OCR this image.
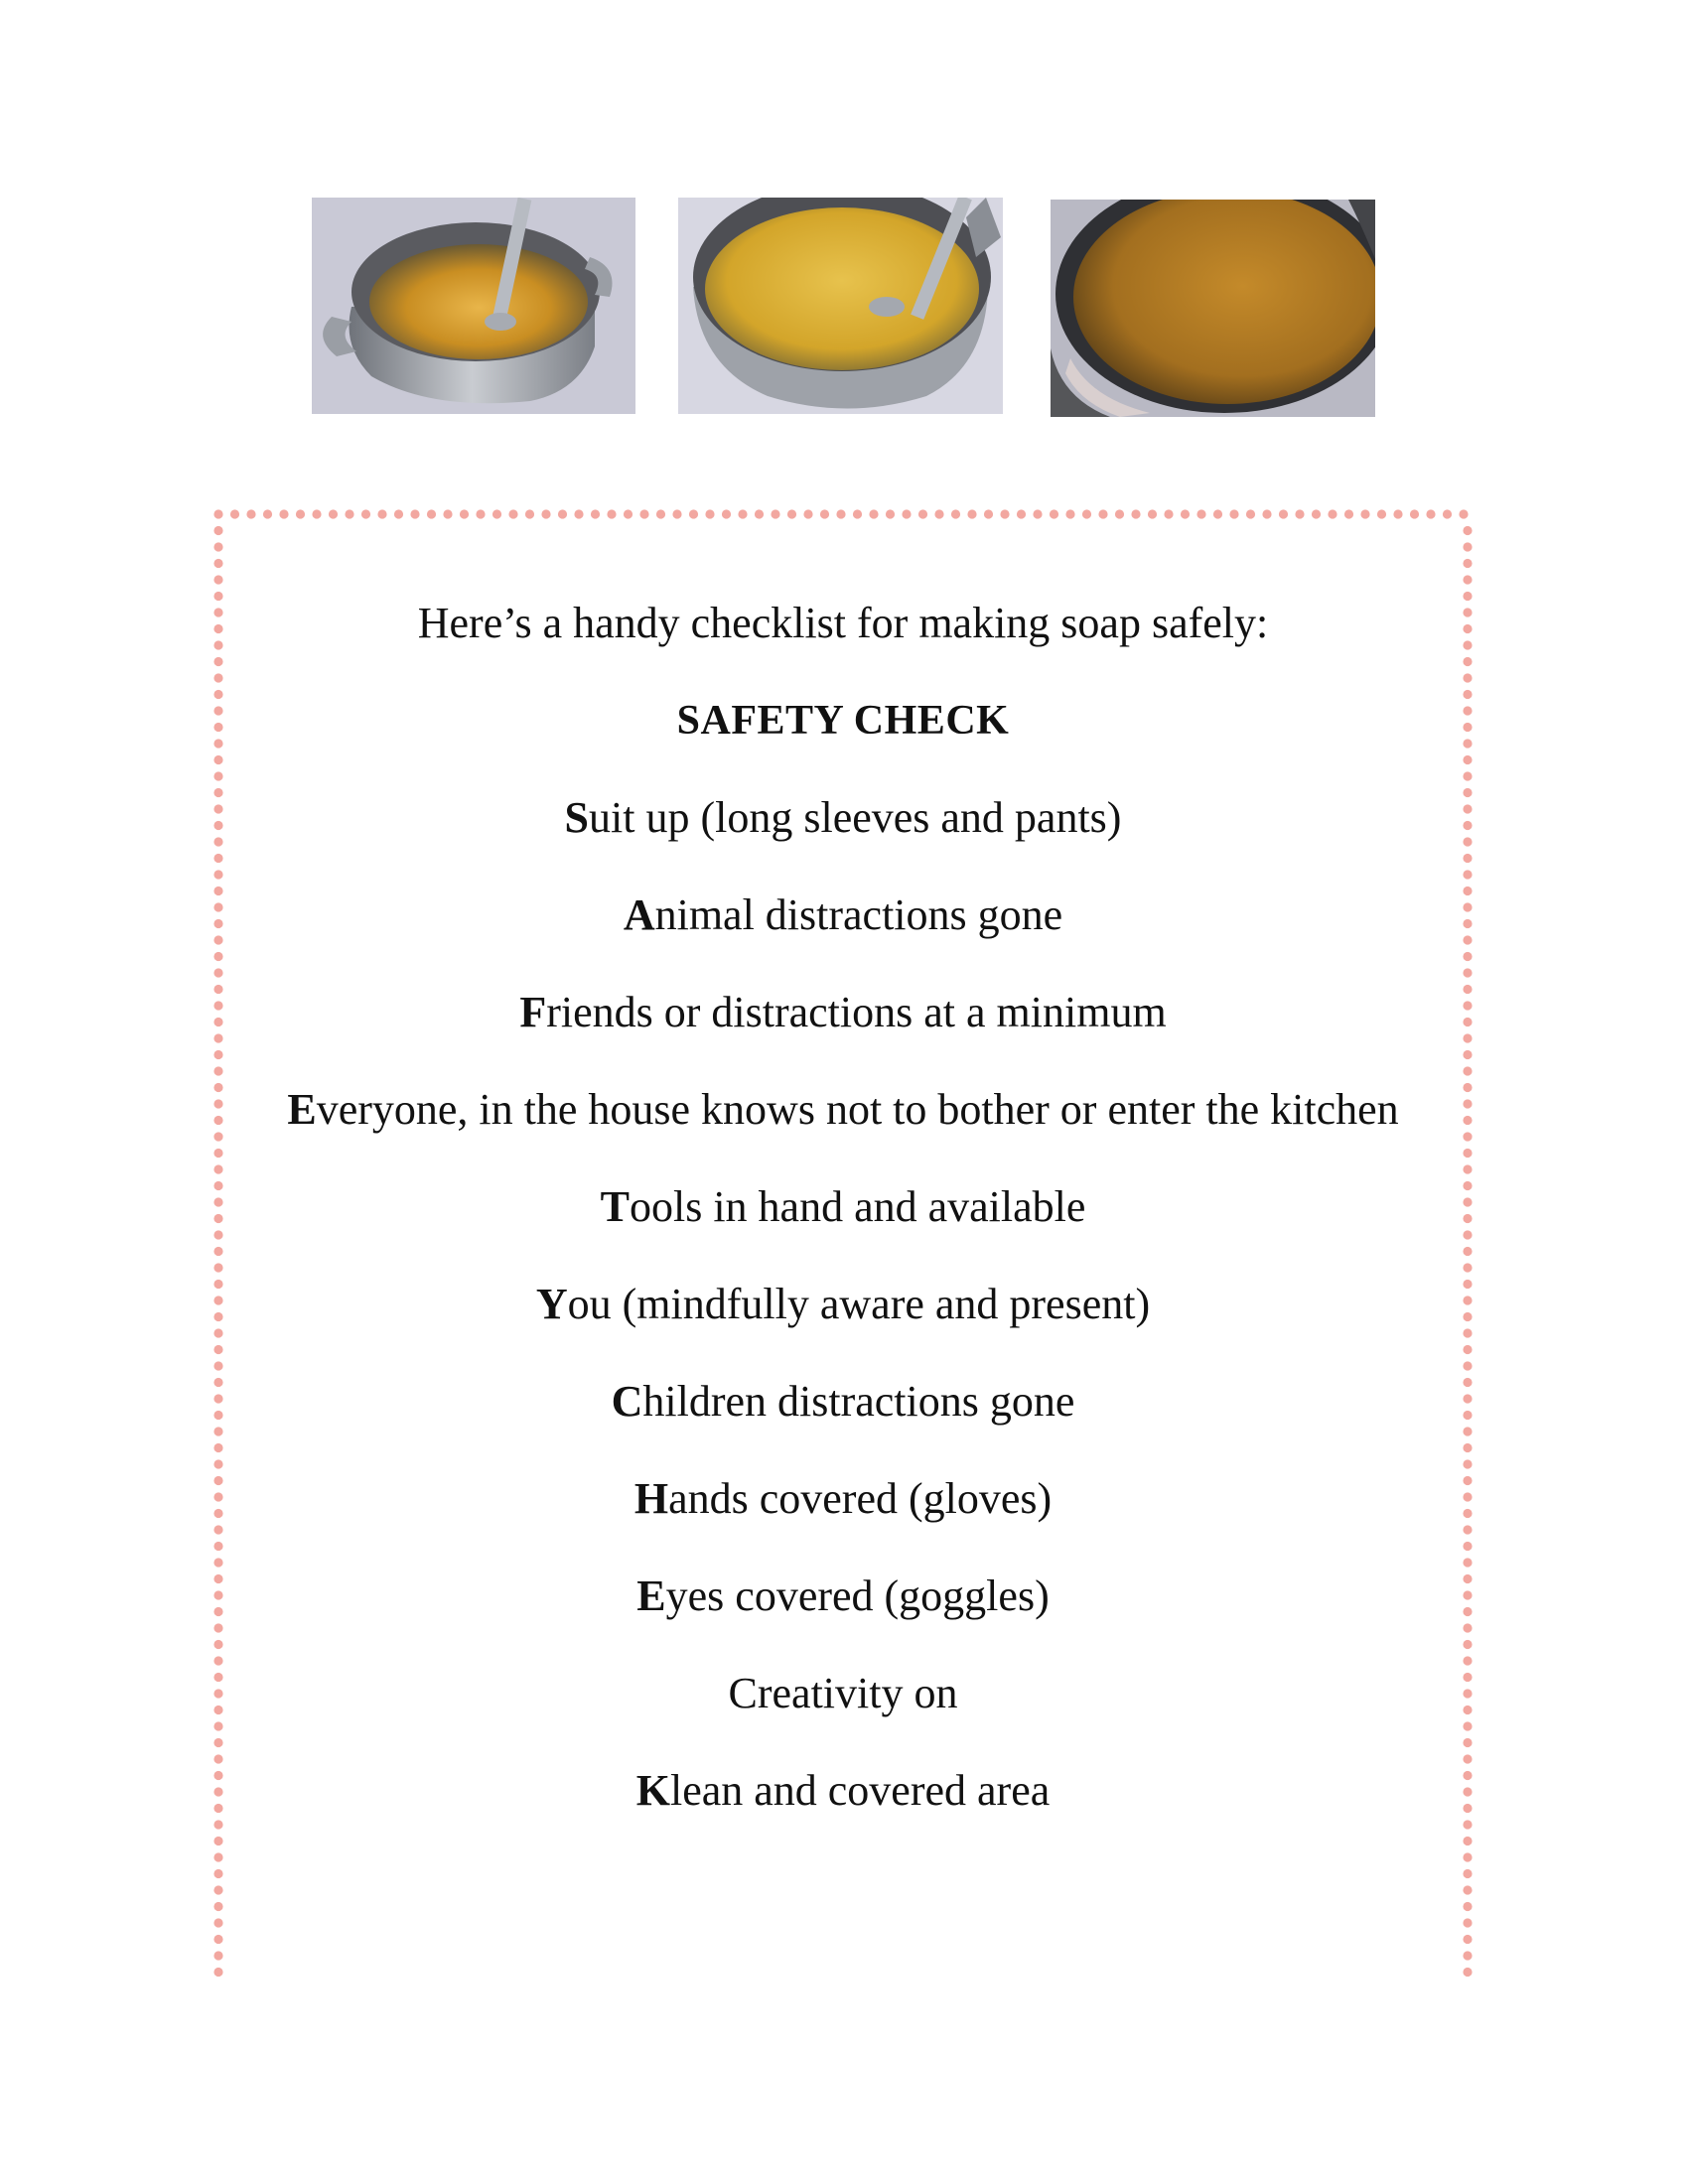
Here’s a handy checklist for making soap safely:
SAFETY CHECK
Suit up (long sleeves and pants)
Animal distractions gone
Friends or distractions at a minimum
Everyone, in the house knows not to bother or enter the kitchen
Tools in hand and available
You (mindfully aware and present)
Children distractions gone
Hands covered (gloves)
Eyes covered (goggles)
Creativity on
Klean and covered area
